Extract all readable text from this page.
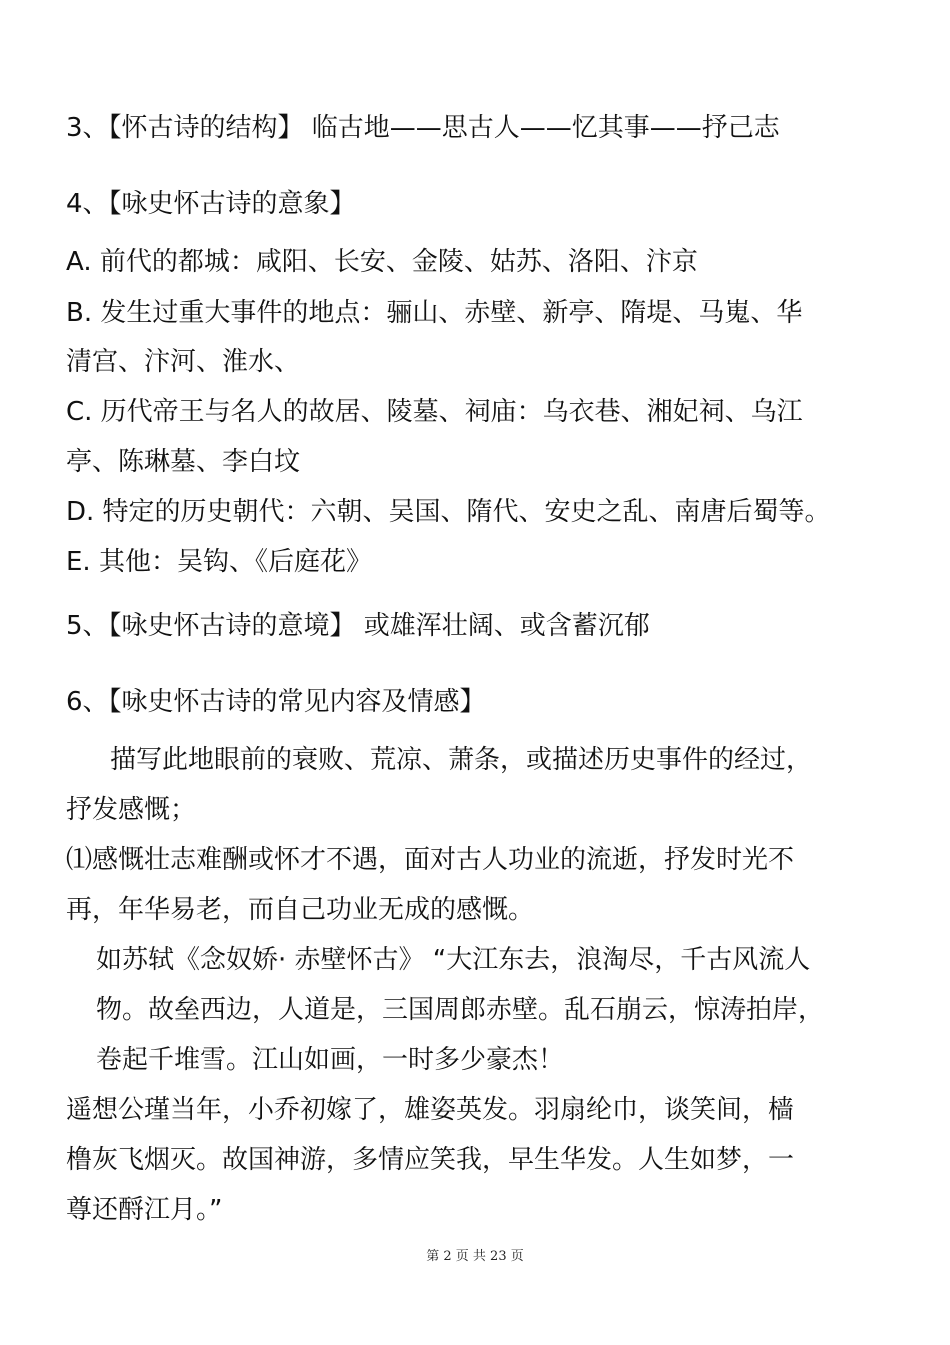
3、【怀古诗的结构】 临古地——思古人——忆其事——抒己志
4、【咏史怀古诗的意象】
A. 前代的都城：咸阳、长安、金陵、姑苏、洛阳、汴京
B. 发生过重大事件的地点：骊山、赤壁、新亭、隋堤、马嵬、华
清宫、汴河、淮水、
C. 历代帝王与名人的故居、陵墓、祠庙：乌衣巷、湘妃祠、乌江
亭、陈琳墓、李白坟
D. 特定的历史朝代：六朝、吴国、隋代、安史之乱、南唐后蜀等。
E. 其他：吴钩、《后庭花》
5、【咏史怀古诗的意境】 或雄浑壮阔、或含蓄沉郁
6、【咏史怀古诗的常见内容及情感】
描写此地眼前的衰败、荒凉、萧条，或描述历史事件的经过，
抒发感慨；
⑴感慨壮志难酬或怀才不遇，面对古人功业的流逝，抒发时光不
再，年华易老，而自己功业无成的感慨。
如苏轼《念奴娇· 赤壁怀古》 “大江东去，浪淘尽，千古风流人
物。故垒西边，人道是，三国周郎赤壁。乱石崩云，惊涛拍岸，
卷起千堆雪。江山如画，一时多少豪杰！
遥想公瑾当年，小乔初嫁了，雄姿英发。羽扇纶巾，谈笑间，樯
橹灰飞烟灭。故国神游，多情应笑我，早生华发。人生如梦，一
尊还酹江月。”
第 2 页 共 23 页
